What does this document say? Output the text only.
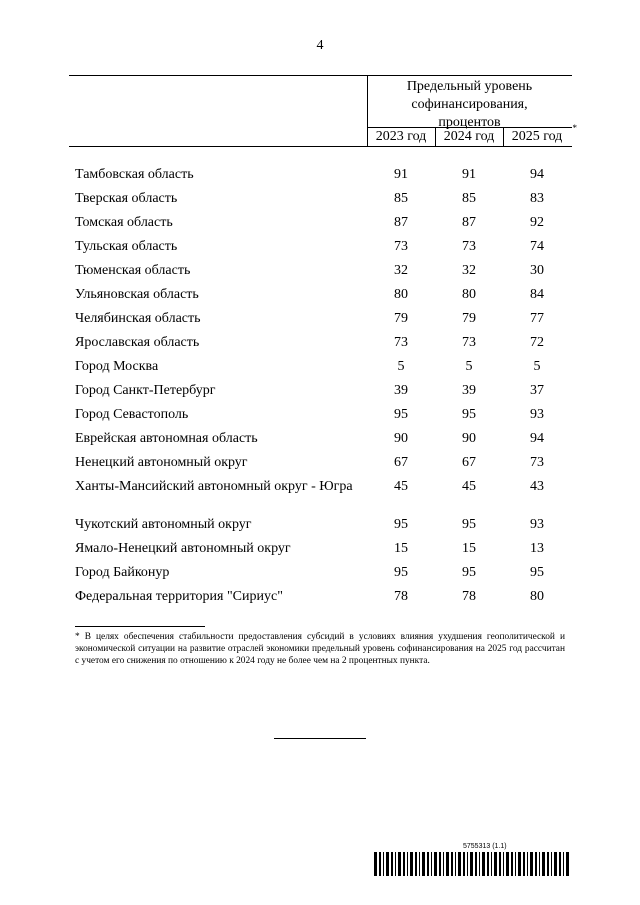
4
Предельный уровень
софинансирования,
процентов
2023 год	2024 год	2025 год
*
Тамбовская область	91	91	94
Тверская область	85	85	83
Томская область	87	87	92
Тульская область	73	73	74
Тюменская область	32	32	30
Ульяновская область	80	80	84
Челябинская область	79	79	77
Ярославская область	73	73	72
Город Москва	5	5	5
Город Санкт-Петербург	39	39	37
Город Севастополь	95	95	93
Еврейская автономная область	90	90	94
Ненецкий автономный округ	67	67	73
Ханты-Мансийский автономный округ - Югра	45	45	43
Чукотский автономный округ	95	95	93
Ямало-Ненецкий автономный округ	15	15	13
Город Байконур	95	95	95
Федеральная территория "Сириус"	78	78	80
* В целях обеспечения стабильности предоставления субсидий в условиях влияния ухудшения геополитической и экономической ситуации на развитие отраслей экономики предельный уровень софинансирования на 2025 год рассчитан с учетом его снижения по отношению к 2024 году не более чем на 2 процентных пункта.
5755313 (1.1)
